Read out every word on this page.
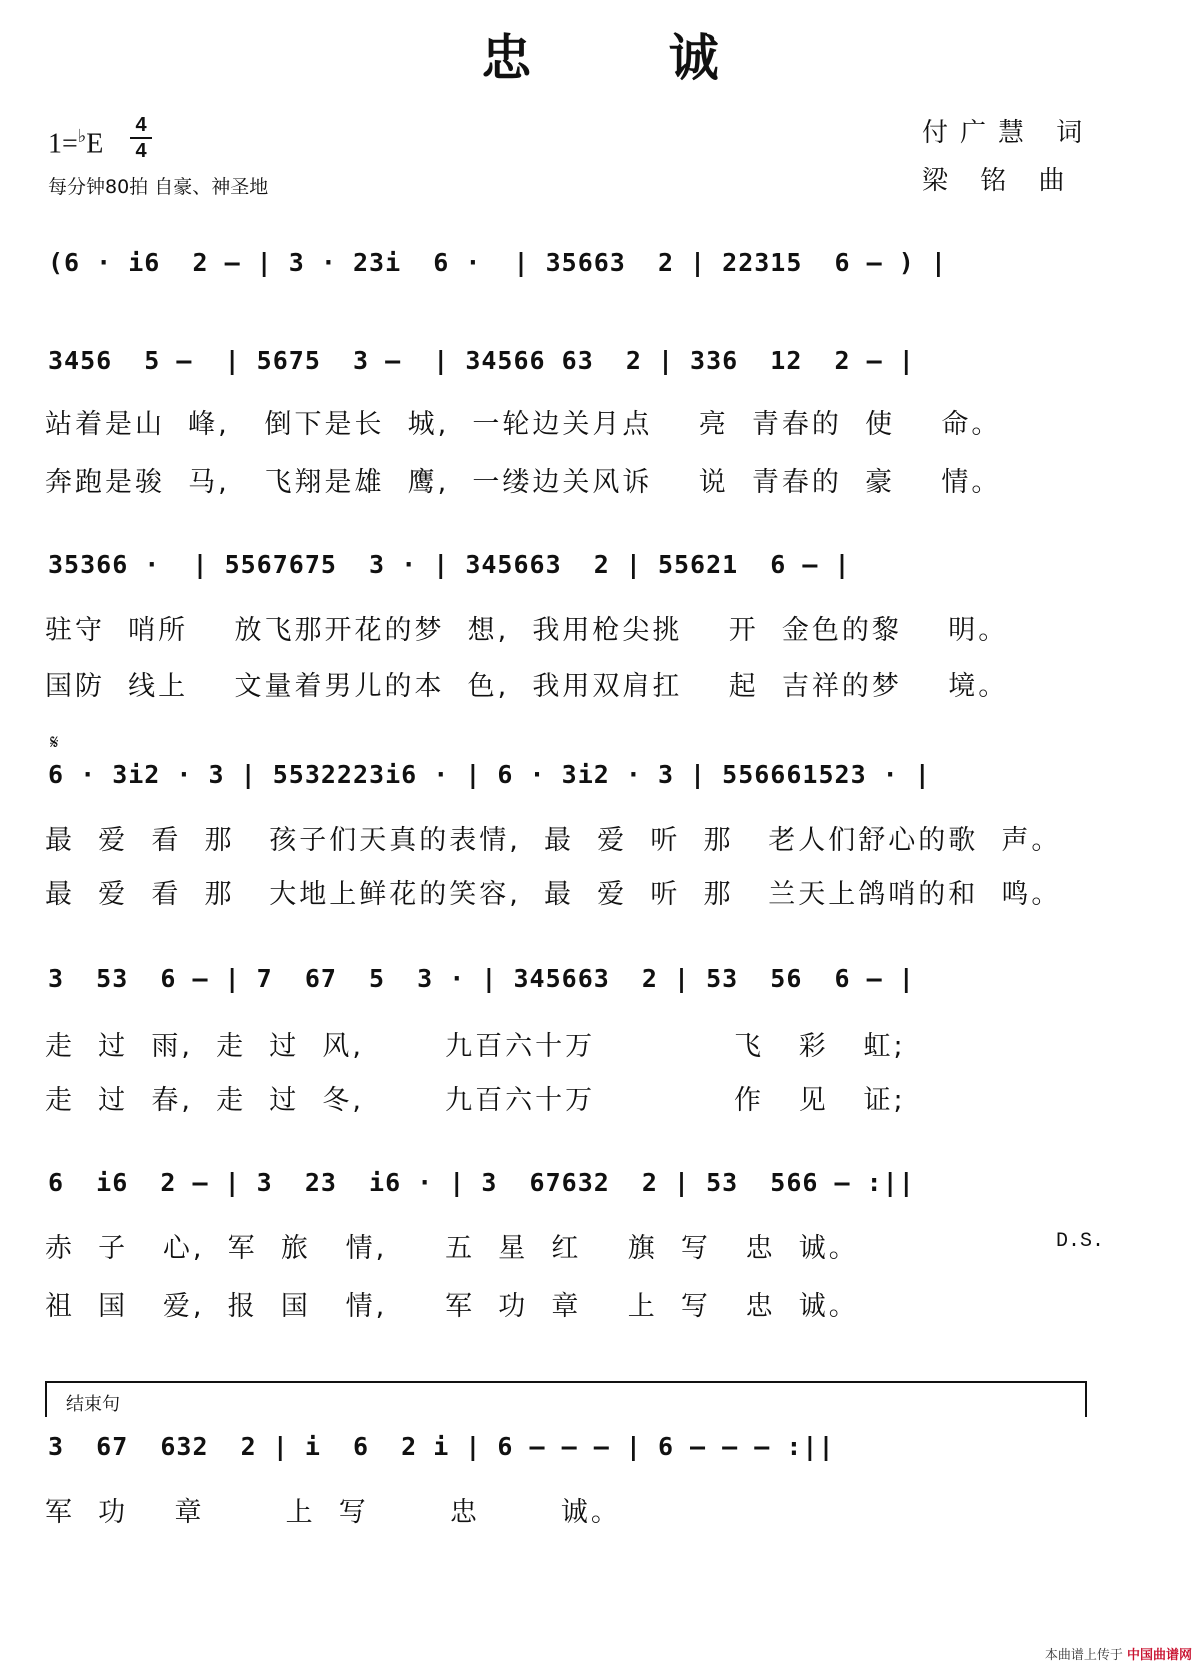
忠 诚
1=♭E
4
4
每分钟80拍 自豪、神圣地
付广慧 词
梁 铭 曲
(6 · i6  2 – | 3 · 23i  6 ·  | 35663  2 | 22315  6 – ) |
3456  5 –  | 5675  3 –  | 34566 63  2 | 336  12  2 – |
站着是山  峰,   倒下是长  城,  一轮边关月点    亮  青春的  使    命。
奔跑是骏  马,   飞翔是雄  鹰,  一缕边关风诉    说  青春的  豪    情。
35366 ·  | 5567675  3 · | 345663  2 | 55621  6 – |
驻守  哨所    放飞那开花的梦  想,  我用枪尖挑    开  金色的黎    明。
国防  线上    文量着男儿的本  色,  我用双肩扛    起  吉祥的梦    境。
𝄋
6 · 3i2 · 3 | 5532223i6 · | 6 · 3i2 · 3 | 556661523 · |
最  爱  看  那   孩子们天真的表情,  最  爱  听  那   老人们舒心的歌  声。
最  爱  看  那   大地上鲜花的笑容,  最  爱  听  那   兰天上鸽哨的和  鸣。
3  53  6 – | 7  67  5  3 · | 345663  2 | 53  56  6 – |
走  过  雨,  走  过  风,       九百六十万            飞   彩   虹;
走  过  春,  走  过  冬,       九百六十万            作   见   证;
6  i6  2 – | 3  23  i6 · | 3  67632  2 | 53  566 – :||
赤  子   心,  军  旅   情,     五  星  红    旗  写   忠  诚。	D.S.
祖  国   爱,  报  国   情,     军  功  章    上  写   忠  诚。
结束句
3  67  632  2 | i  6  2 i | 6 – – – | 6 – – – :||
军  功    章       上  写       忠       诚。
本曲谱上传于 中国曲谱网
